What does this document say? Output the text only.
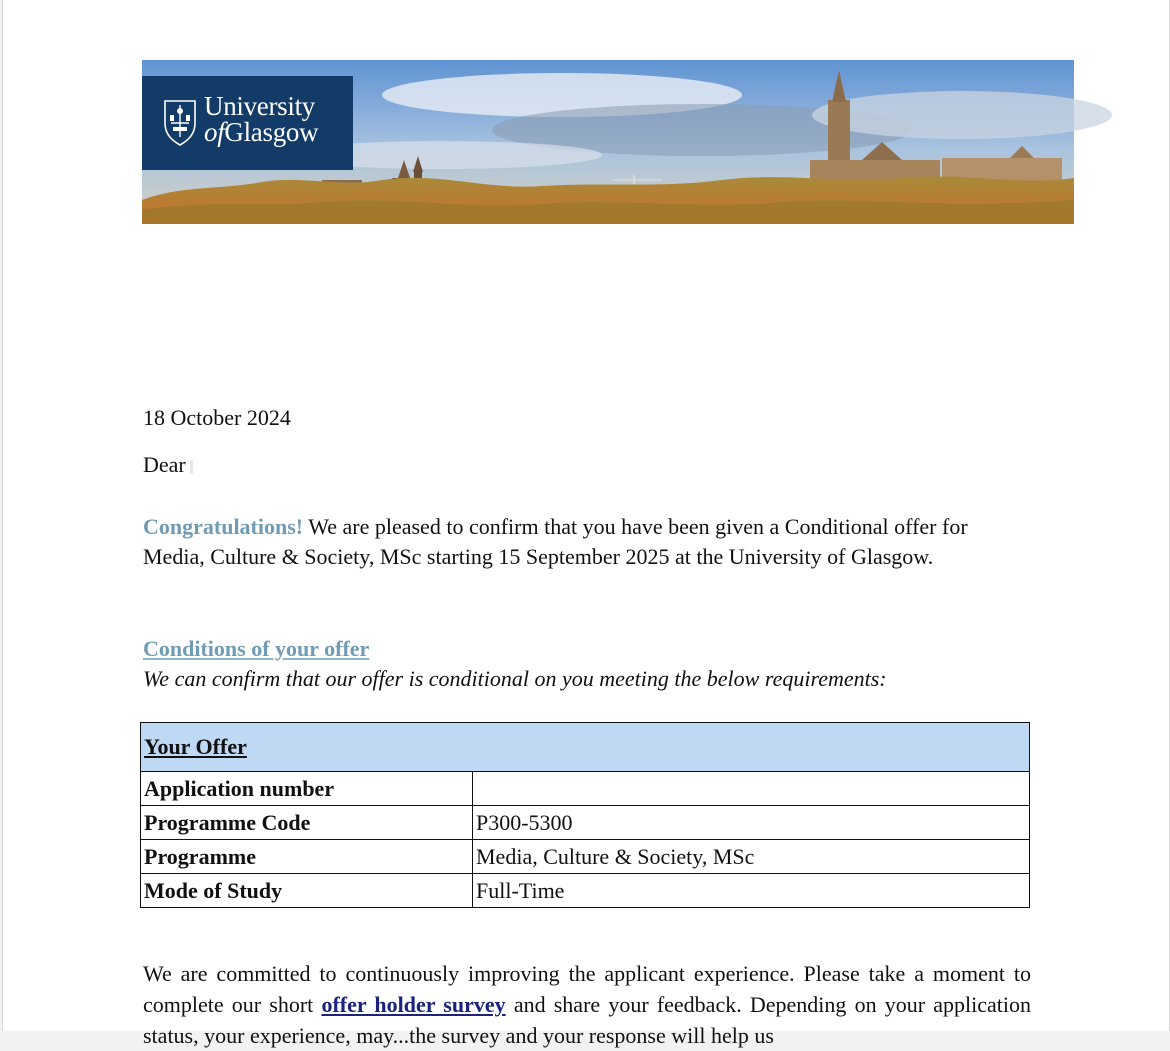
University
ofGlasgow
18 October 2024
Dear
Congratulations! We are pleased to confirm that you have been given a Conditional offer for Media, Culture & Society, MSc starting 15 September 2025 at the University of Glasgow.
Conditions of your offer
We can confirm that our offer is conditional on you meeting the below requirements:
Your Offer	
Application number	
Programme Code	P300-5300
Programme	Media, Culture & Society, MSc
Mode of Study	Full-Time
We are committed to continuously improving the applicant experience. Please take a moment to complete our short offer holder survey and share your feedback. Depending on your application status, your experience, may...the survey and your response will help us
